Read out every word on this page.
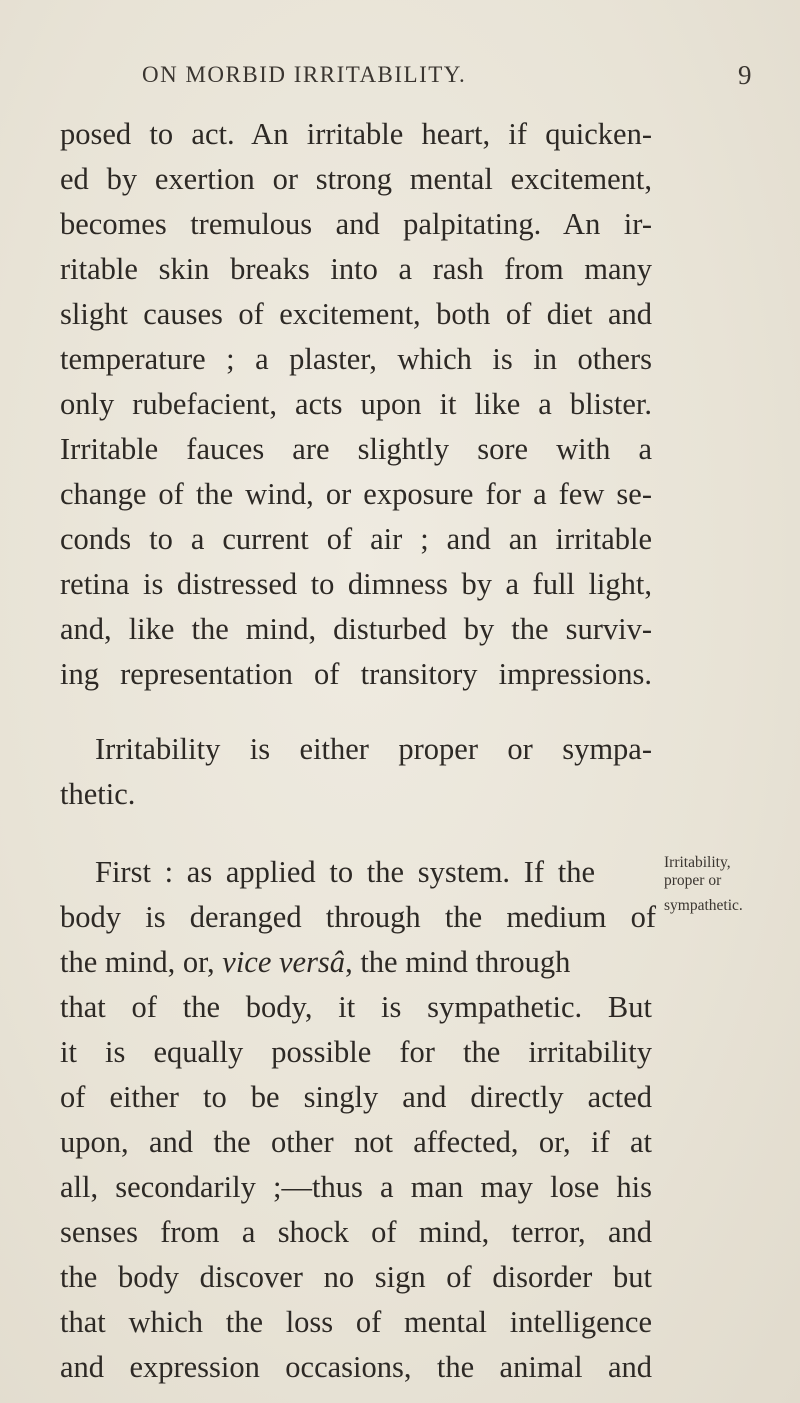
ON MORBID IRRITABILITY.	9
posed to act. An irritable heart, if quicken-
ed by exertion or strong mental excitement,
becomes tremulous and palpitating. An ir-
ritable skin breaks into a rash from many
slight causes of excitement, both of diet and
temperature ; a plaster, which is in others
only rubefacient, acts upon it like a blister.
Irritable fauces are slightly sore with a
change of the wind, or exposure for a few se-
conds to a current of air ; and an irritable
retina is distressed to dimness by a full light,
and, like the mind, disturbed by the surviv-
ing representation of transitory impressions.
Irritability is either proper or sympa-
thetic.
First : as applied to the system. If the
body is deranged through the medium of
the mind, or, vice versâ, the mind through
that of the body, it is sympathetic. But
it is equally possible for the irritability
of either to be singly and directly acted
upon, and the other not affected, or, if at
all, secondarily ;—thus a man may lose his
senses from a shock of mind, terror, and
the body discover no sign of disorder but
that which the loss of mental intelligence
and expression occasions, the animal and
Irritability,
proper or
sympathetic.
